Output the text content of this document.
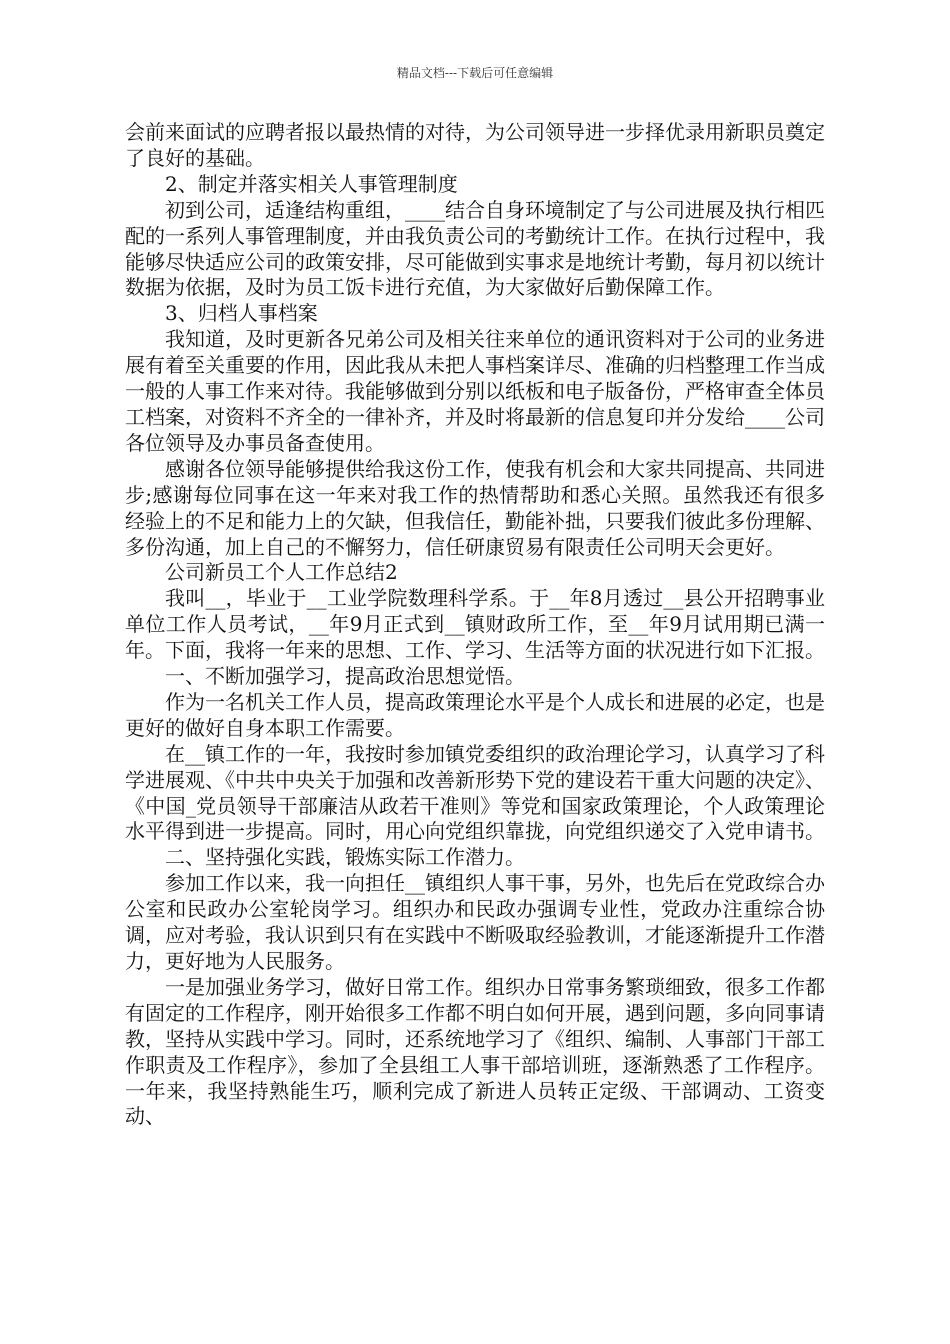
精品文档---下载后可任意编辑

会前来面试的应聘者报以最热情的对待，为公司领导进一步择优录用新职员奠定了良好的基础。

2、制定并落实相关人事管理制度

初到公司，适逢结构重组，____结合自身环境制定了与公司进展及执行相匹配的一系列人事管理制度，并由我负责公司的考勤统计工作。在执行过程中，我能够尽快适应公司的政策安排，尽可能做到实事求是地统计考勤，每月初以统计数据为依据，及时为员工饭卡进行充值，为大家做好后勤保障工作。

3、归档人事档案

我知道，及时更新各兄弟公司及相关往来单位的通讯资料对于公司的业务进展有着至关重要的作用，因此我从未把人事档案详尽、准确的归档整理工作当成一般的人事工作来对待。我能够做到分别以纸板和电子版备份，严格审查全体员工档案，对资料不齐全的一律补齐，并及时将最新的信息复印并分发给____公司各位领导及办事员备查使用。

感谢各位领导能够提供给我这份工作，使我有机会和大家共同提高、共同进步;感谢每位同事在这一年来对我工作的热情帮助和悉心关照。虽然我还有很多经验上的不足和能力上的欠缺，但我信任，勤能补拙，只要我们彼此多份理解、多份沟通，加上自己的不懈努力，信任研康贸易有限责任公司明天会更好。

公司新员工个人工作总结2

我叫__，毕业于__工业学院数理科学系。于__年8月透过__县公开招聘事业单位工作人员考试，__年9月正式到__镇财政所工作，至__年9月试用期已满一年。下面，我将一年来的思想、工作、学习、生活等方面的状况进行如下汇报。

一、不断加强学习，提高政治思想觉悟。

作为一名机关工作人员，提高政策理论水平是个人成长和进展的必定，也是更好的做好自身本职工作需要。

在__镇工作的一年，我按时参加镇党委组织的政治理论学习，认真学习了科学进展观、《中共中央关于加强和改善新形势下党的建设若干重大问题的决定》、《中国_党员领导干部廉洁从政若干准则》等党和国家政策理论，个人政策理论水平得到进一步提高。同时，用心向党组织靠拢，向党组织递交了入党申请书。

二、坚持强化实践，锻炼实际工作潜力。

参加工作以来，我一向担任__镇组织人事干事，另外，也先后在党政综合办公室和民政办公室轮岗学习。组织办和民政办强调专业性，党政办注重综合协调，应对考验，我认识到只有在实践中不断吸取经验教训，才能逐渐提升工作潜力，更好地为人民服务。

一是加强业务学习，做好日常工作。组织办日常事务繁琐细致，很多工作都有固定的工作程序，刚开始很多工作都不明白如何开展，遇到问题，多向同事请教，坚持从实践中学习。同时，还系统地学习了《组织、编制、人事部门干部工作职责及工作程序》，参加了全县组工人事干部培训班，逐渐熟悉了工作程序。一年来，我坚持熟能生巧，顺利完成了新进人员转正定级、干部调动、工资变动、
